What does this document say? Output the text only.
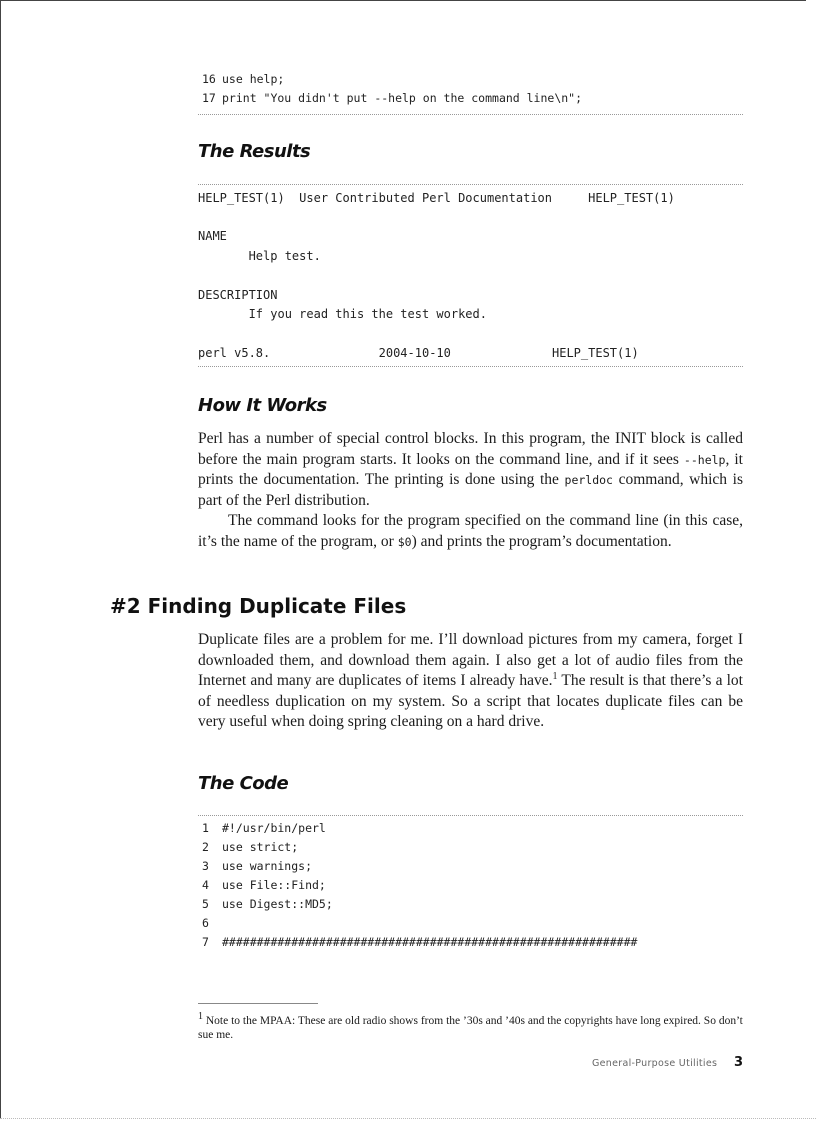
16 use help;
17 print "You didn't put --help on the command line\n";
The Results
HELP_TEST(1)  User Contributed Perl Documentation     HELP_TEST(1)
NAME
Help test.
DESCRIPTION
If you read this the test worked.
perl v5.8.               2004-10-10              HELP_TEST(1)
How It Works

Perl has a number of special control blocks. In this program, the INIT block is called before the main program starts. It looks on the command line, and if it sees --help, it prints the documentation. The printing is done using the perldoc command, which is part of the Perl distribution.

The command looks for the program specified on the command line (in this case, it’s the name of the program, or $0) and prints the program’s documentation.

#2 Finding Duplicate Files

Duplicate files are a problem for me. I’ll download pictures from my camera, forget I downloaded them, and download them again. I also get a lot of audio files from the Internet and many are duplicates of items I already have.$^1$ The result is that there’s a lot of needless duplication on my system. So a script that locates duplicate files can be very useful when doing spring cleaning on a hard drive.

The Code
1 #!/usr/bin/perl
2 use strict;
3 use warnings;
4 use File::Find;
5 use Digest::MD5;
6
7 ############################################################
$^1$ Note to the MPAA: These are old radio shows from the ’30s and ’40s and the copyrights have long expired. So don’t sue me.
General-Purpose Utilities 3
